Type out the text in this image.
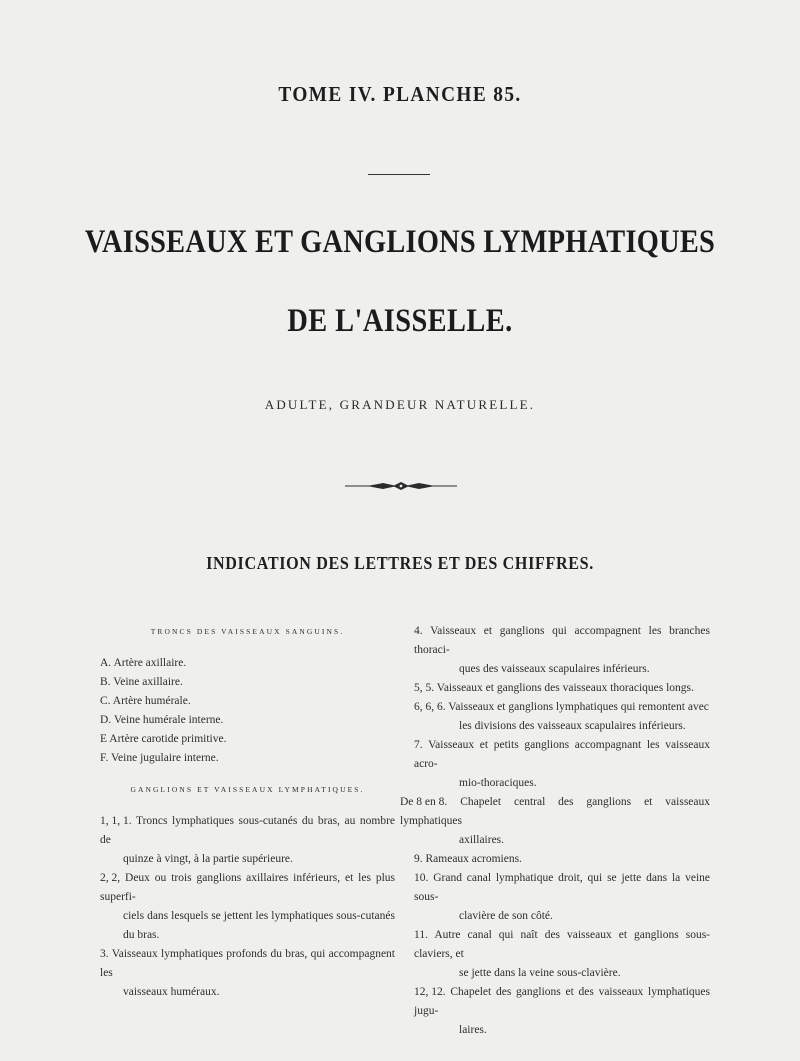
TOME IV. PLANCHE 85.
VAISSEAUX ET GANGLIONS LYMPHATIQUES
DE L'AISSELLE.
ADULTE, GRANDEUR NATURELLE.
INDICATION DES LETTRES ET DES CHIFFRES.
TRONCS DES VAISSEAUX SANGUINS.
A. Artère axillaire.
B. Veine axillaire.
C. Artère humérale.
D. Veine humérale interne.
E Artère carotide primitive.
F. Veine jugulaire interne.
GANGLIONS ET VAISSEAUX LYMPHATIQUES.
1, 1, 1. Troncs lymphatiques sous-cutanés du bras, au nombre de
quinze à vingt, à la partie supérieure.
2, 2, Deux ou trois ganglions axillaires inférieurs, et les plus superfi-
ciels dans lesquels se jettent les lymphatiques sous-cutanés du bras.
3. Vaisseaux lymphatiques profonds du bras, qui accompagnent les
vaisseaux huméraux.
4. Vaisseaux et ganglions qui accompagnent les branches thoraci-
ques des vaisseaux scapulaires inférieurs.
5, 5. Vaisseaux et ganglions des vaisseaux thoraciques longs.
6, 6, 6. Vaisseaux et ganglions lymphatiques qui remontent avec
les divisions des vaisseaux scapulaires inférieurs.
7. Vaisseaux et petits ganglions accompagnant les vaisseaux acro-
mio-thoraciques.
De 8 en 8. Chapelet central des ganglions et vaisseaux lymphatiques
axillaires.
9. Rameaux acromiens.
10. Grand canal lymphatique droit, qui se jette dans la veine sous-
clavière de son côté.
11. Autre canal qui naît des vaisseaux et ganglions sous-claviers, et
se jette dans la veine sous-clavière.
12, 12. Chapelet des ganglions et des vaisseaux lymphatiques jugu-
laires.
